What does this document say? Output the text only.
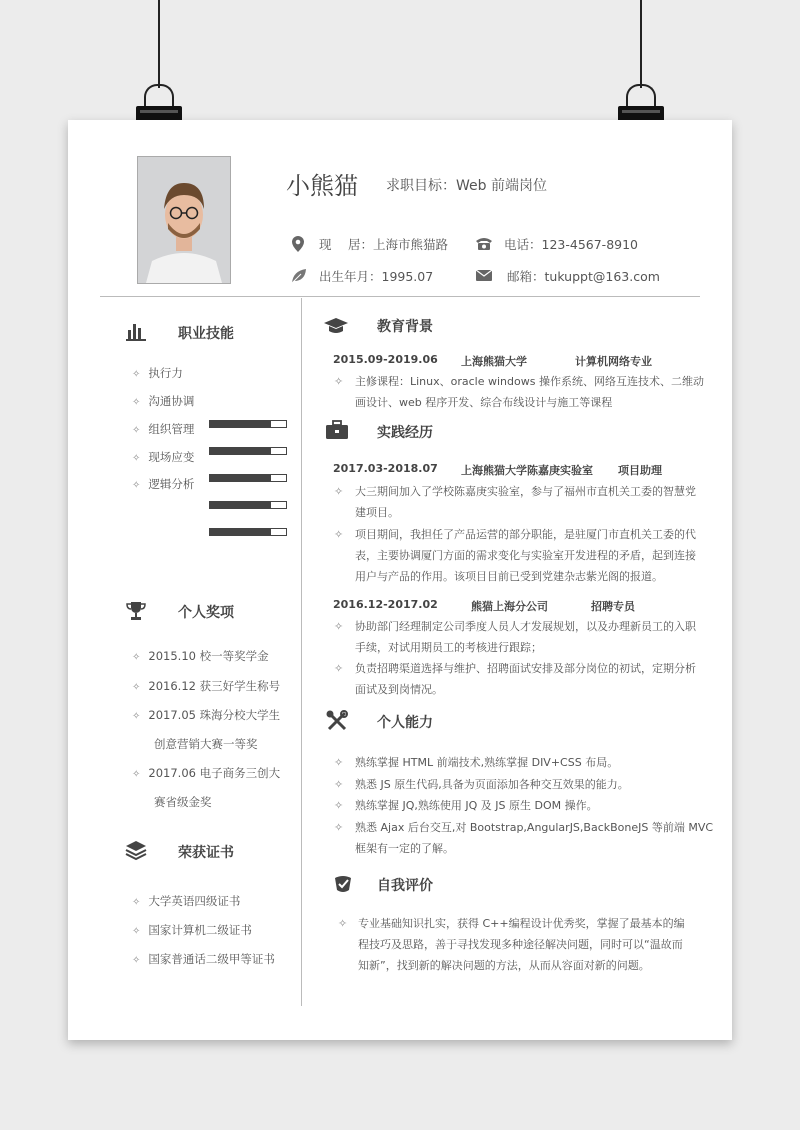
小熊猫 求职目标：Web 前端岗位
现　 居：上海市熊猫路	电话：123-4567-8910
出生年月：1995.07	邮箱：tukuppt@163.com
职业技能
✧ 执行力
✧ 沟通协调
✧ 组织管理
✧ 现场应变
✧ 逻辑分析
个人奖项
✧ 2015.10 校一等奖学金
✧ 2016.12 获三好学生称号
✧ 2017.05 珠海分校大学生
创意营销大赛一等奖
✧ 2017.06 电子商务三创大
赛省级金奖
荣获证书
✧ 大学英语四级证书
✧ 国家计算机二级证书
✧ 国家普通话二级甲等证书
教育背景
2015.09-2019.06 上海熊猫大学	计算机网络专业
✧	主修课程：Linux、oracle windows 操作系统、网络互连技术、二维动
画设计、web 程序开发、综合布线设计与施工等课程
实践经历
2017.03-2018.07 上海熊猫大学陈嘉庚实验室 项目助理
✧	大三期间加入了学校陈嘉庚实验室，参与了福州市直机关工委的智慧党
建项目。
✧	项目期间，我担任了产品运营的部分职能，是驻厦门市直机关工委的代
表，主要协调厦门方面的需求变化与实验室开发进程的矛盾，起到连接
用户与产品的作用。该项目目前已受到党建杂志紫光阁的报道。
2016.12-2017.02	熊猫上海分公司	招聘专员
✧	协助部门经理制定公司季度人员人才发展规划，以及办理新员工的入职
手续，对试用期员工的考核进行跟踪；
✧	负责招聘渠道选择与维护、招聘面试安排及部分岗位的初试，定期分析
面试及到岗情况。
个人能力
✧	熟练掌握 HTML 前端技术,熟练掌握 DIV+CSS 布局。
✧	熟悉 JS 原生代码,具备为页面添加各种交互效果的能力。
✧	熟练掌握 JQ,熟练使用 JQ 及 JS 原生 DOM 操作。
✧	熟悉 Ajax 后台交互,对 Bootstrap,AngularJS,BackBoneJS 等前端 MVC
框架有一定的了解。
自我评价
✧ 专业基础知识扎实，获得 C++编程设计优秀奖，掌握了最基本的编
程技巧及思路，善于寻找发现多种途径解决问题，同时可以“温故而
知新”，找到新的解决问题的方法，从而从容面对新的问题。
